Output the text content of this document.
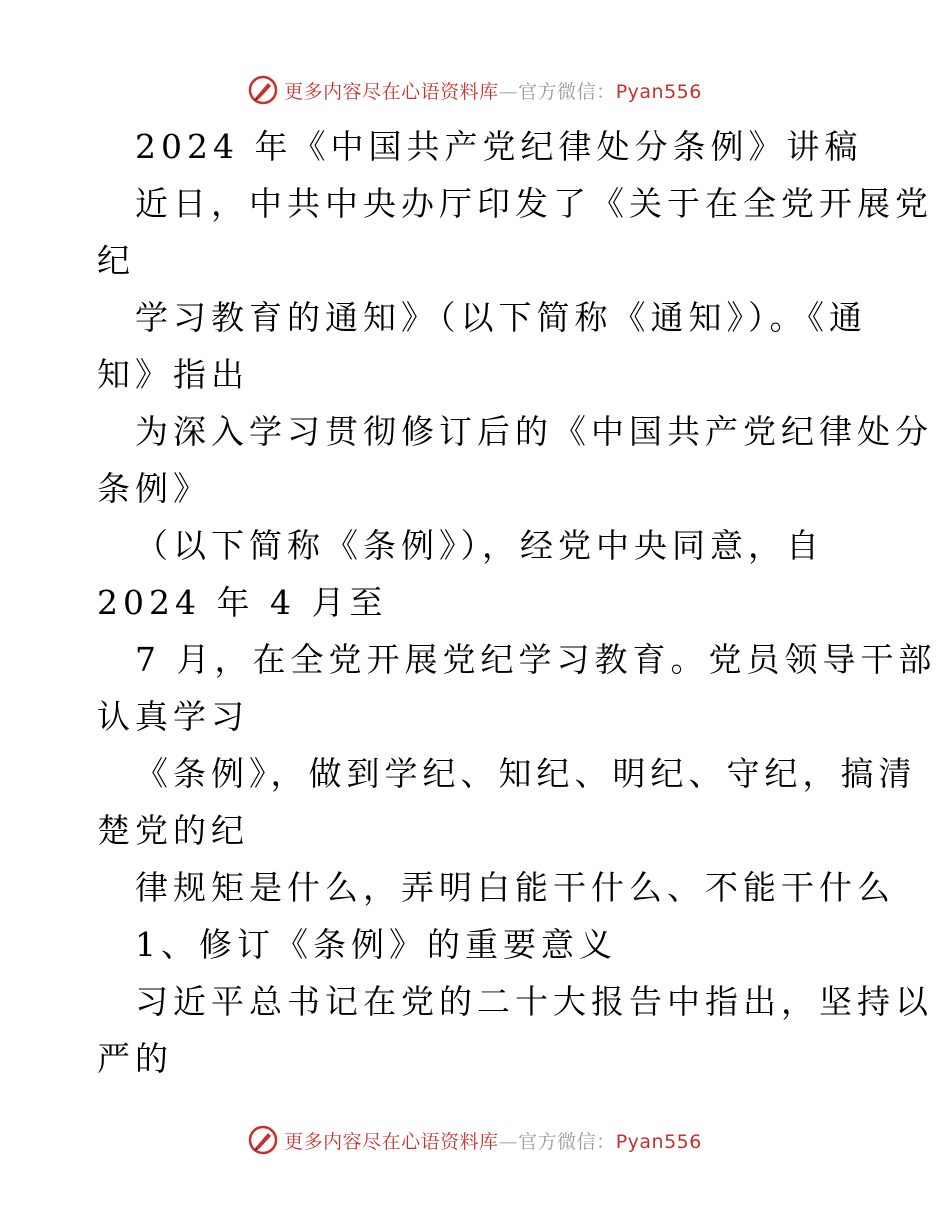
更多内容尽在心语资料库—官方微信：Pyan556
2024 年《中国共产党纪律处分条例》讲稿
近日，中共中央办厅印发了《关于在全党开展党
纪
学习教育的通知》（以下简称《通知》）。《通
知》指出
为深入学习贯彻修订后的《中国共产党纪律处分
条例》
（以下简称《条例》），经党中央同意，自
2024 年 4 月至
7 月，在全党开展党纪学习教育。党员领导干部
认真学习
《条例》，做到学纪、知纪、明纪、守纪，搞清
楚党的纪
律规矩是什么，弄明白能干什么、不能干什么
1、修订《条例》的重要意义
习近平总书记在党的二十大报告中指出，坚持以
严的
更多内容尽在心语资料库—官方微信：Pyan556
